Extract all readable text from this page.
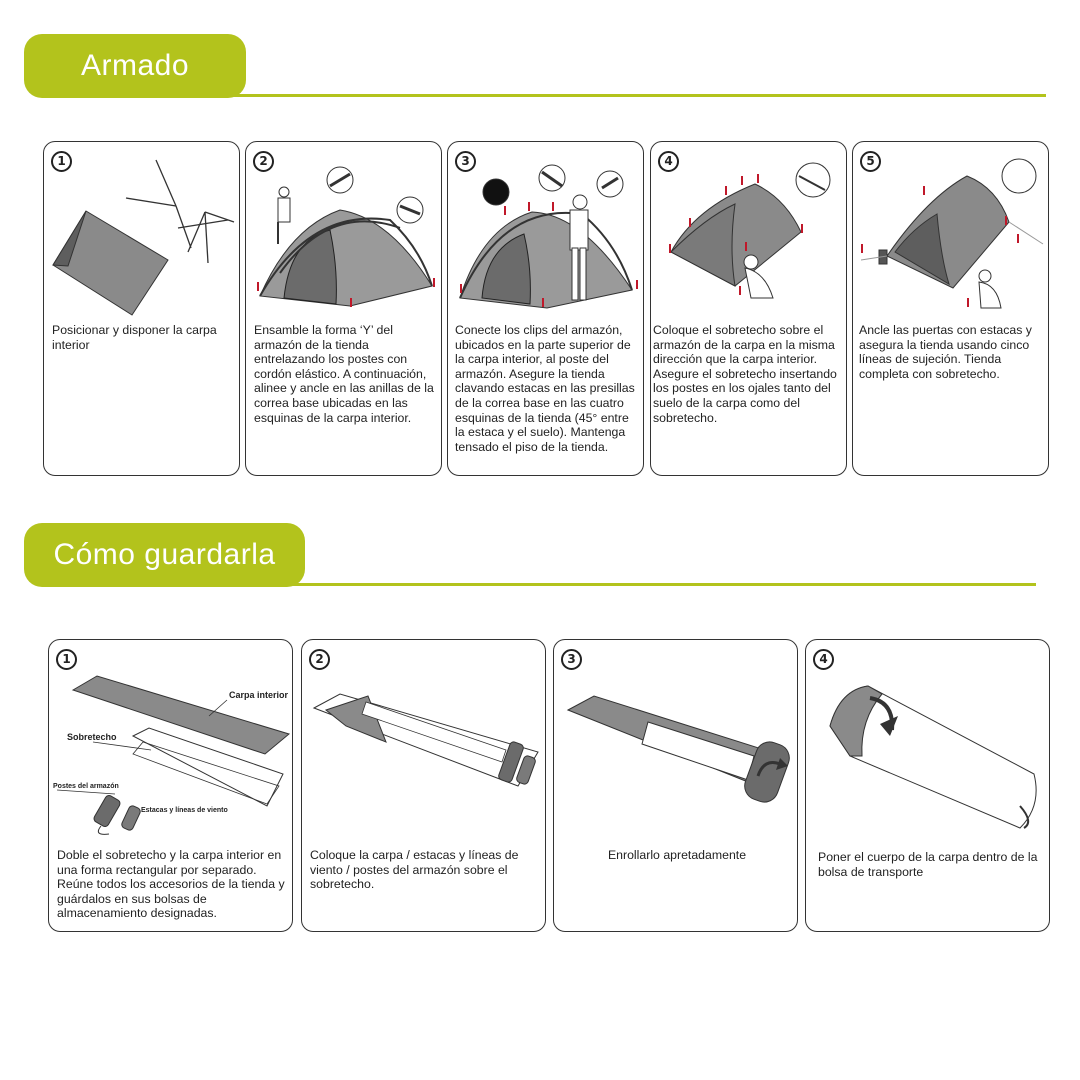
Armado
1
Posicionar y disponer la carpa interior
2
Ensamble la forma ‘Y’ del armazón de la tienda entrelazando los postes con cordón elástico. A continuación, alinee y ancle en las anillas de la correa base ubicadas en las esquinas de la carpa interior.
3
Conecte los clips del armazón, ubicados en la parte superior de la carpa interior, al poste del armazón. Asegure la tienda clavando estacas en las presillas de la correa base en las cuatro esquinas de la tienda (45° entre la estaca y el suelo). Mantenga tensado el piso de la tienda.
4
Coloque el sobretecho sobre el armazón de la carpa en la misma dirección que la carpa interior. Asegure el sobretecho insertando los postes en los ojales tanto del suelo de la carpa como del sobretecho.
5
Ancle las puertas con estacas y asegura la tienda usando cinco líneas de sujeción. Tienda completa con sobretecho.
Cómo guardarla
1
Carpa interior
Sobretecho
Postes del armazón
Estacas y líneas de viento
Doble el sobretecho y la carpa interior en una forma rectangular por separado. Reúne todos los accesorios de la tienda y guárdalos en sus bolsas de almacenamiento designadas.
2
Coloque la carpa / estacas y líneas de viento / postes del armazón sobre el sobretecho.
3
Enrollarlo apretadamente
4
Poner el cuerpo de la carpa dentro de la bolsa de transporte
